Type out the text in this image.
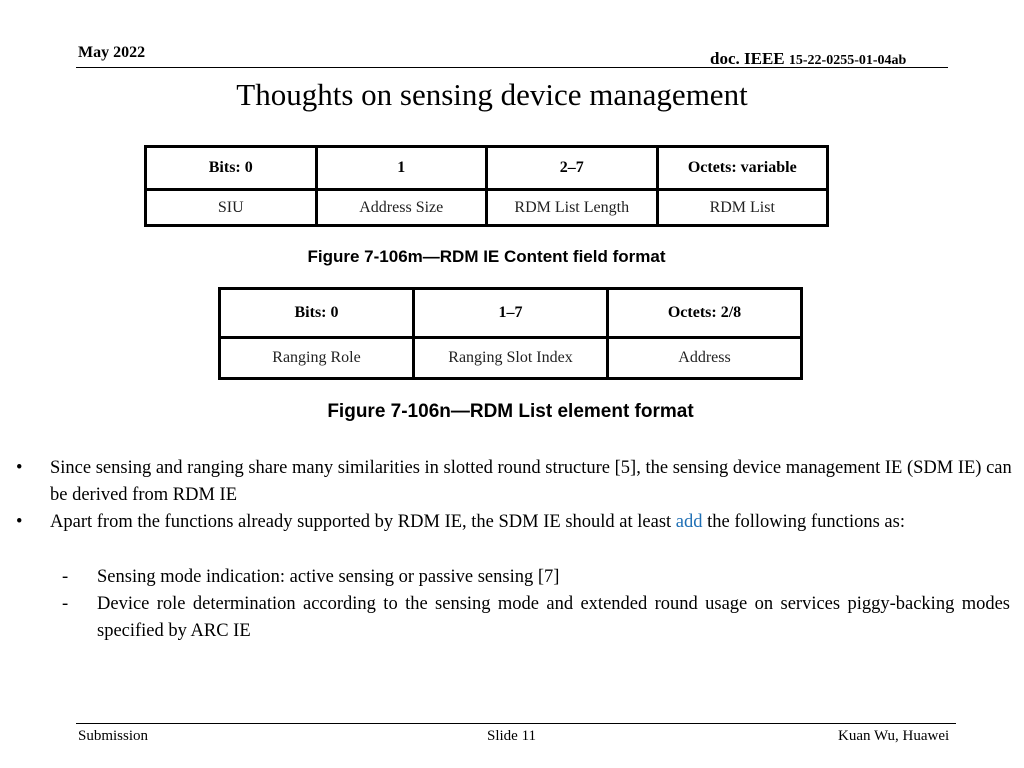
May 2022	doc. IEEE 15-22-0255-01-04ab
Thoughts on sensing device management
Bits: 0	1	2–7	Octets: variable
SIU	Address Size	RDM List Length	RDM List
Figure 7-106m—RDM IE Content field format
Bits: 0	1–7	Octets: 2/8
Ranging Role	Ranging Slot Index	Address
Figure 7-106n—RDM List element format
• Since sensing and ranging share many similarities in slotted round structure [5], the sensing device management IE (SDM IE) can be derived from RDM IE
• Apart from the functions already supported by RDM IE, the SDM IE should at least add the following functions as:
- Sensing mode indication: active sensing or passive sensing [7]
- Device role determination according to the sensing mode and extended round usage on services piggy-backing modes specified by ARC IE
Submission	Slide 11	Kuan Wu, Huawei
